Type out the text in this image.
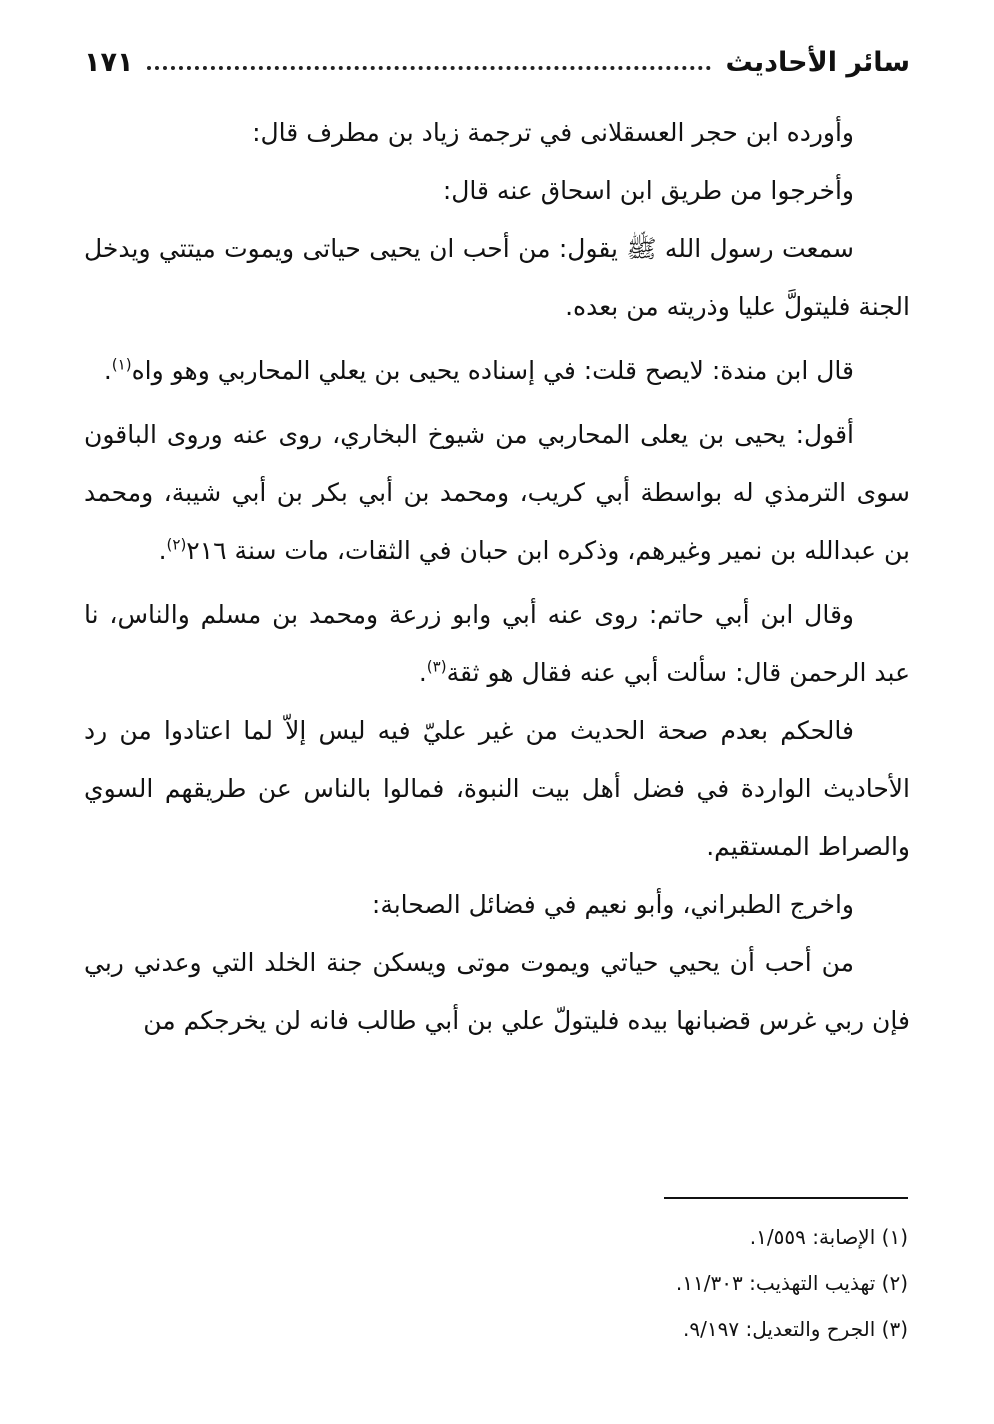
سائر الأحاديث
١٧١

وأورده ابن حجر العسقلانى في ترجمة زياد بن مطرف قال:

وأخرجوا من طريق ابن اسحاق عنه قال:

سمعت رسول الله ﷺ يقول: من أحب ان يحيى حياتى ويموت ميتتي ويدخل الجنة فليتولَّ عليا وذريته من بعده.

قال ابن مندة: لايصح قلت: في إسناده يحيى بن يعلي المحاربي وهو واه$^{(١)}$.

أقول: يحيى بن يعلى المحاربي من شيوخ البخاري، روى عنه وروى الباقون سوى الترمذي له بواسطة أبي كريب، ومحمد بن أبي بكر بن أبي شيبة، ومحمد بن عبدالله بن نمير وغيرهم، وذكره ابن حبان في الثقات، مات سنة ٢١٦$^{(٢)}$.

وقال ابن أبي حاتم: روى عنه أبي وابو زرعة ومحمد بن مسلم والناس، نا عبد الرحمن قال: سألت أبي عنه فقال هو ثقة$^{(٣)}$.

فالحكم بعدم صحة الحديث من غير عليّ فيه ليس إلاّ لما اعتادوا من رد الأحاديث الواردة في فضل أهل بيت النبوة، فمالوا بالناس عن طريقهم السوي والصراط المستقيم.

واخرج الطبراني، وأبو نعيم في فضائل الصحابة:

من أحب أن يحيي حياتي ويموت موتى ويسكن جنة الخلد التي وعدني ربي فإن ربي غرس قضبانها بيده فليتولّ علي بن أبي طالب فانه لن يخرجكم من

(١) الإصابة: ١/٥٥٩.

(٢) تهذيب التهذيب: ١١/٣٠٣.

(٣) الجرح والتعديل: ٩/١٩٧.
